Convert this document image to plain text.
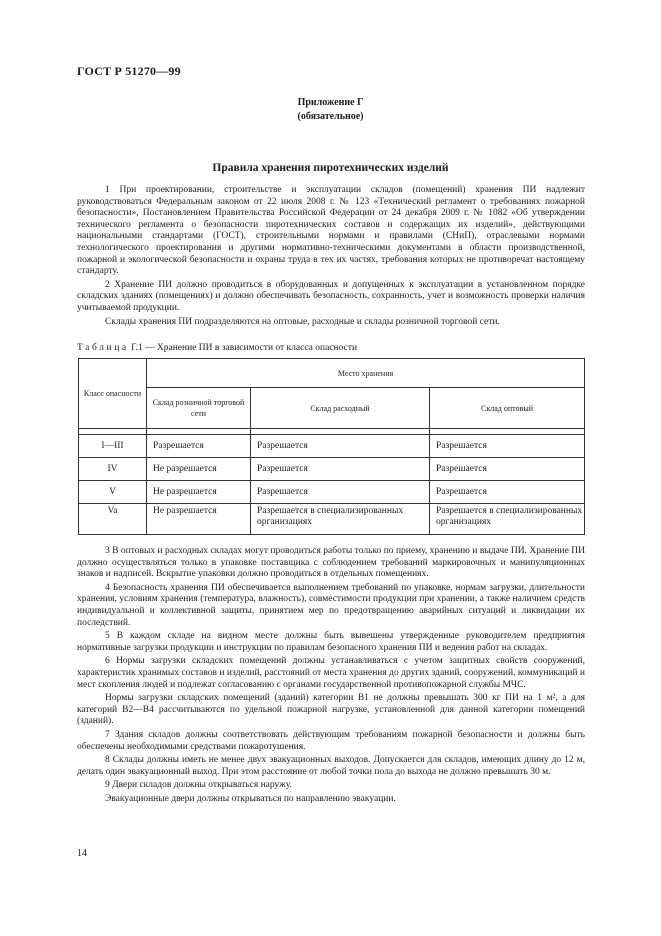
ГОСТ Р 51270—99
Приложение Г
(обязательное)
Правила хранения пиротехнических изделий

1 При проектировании, строительстве и эксплуатации складов (помещений) хранения ПИ надлежит руководствоваться Федеральным законом от 22 июля 2008 г. № 123 «Технический регламент о требованиях пожарной безопасности», Постановлением Правительства Российской Федерации от 24 декабря 2009 г. № 1082 «Об утверждении технического регламента о безопасности пиротехнических составов и содержащих их изделий», действующими национальными стандартами (ГОСТ), строительными нормами и правилами (СНиП), отраслевыми нормами технологического проектирования и другими нормативно-техническими документами в области производственной, пожарной и экологической безопасности и охраны труда в тех их частях, требования которых не противоречат настоящему стандарту.

2 Хранение ПИ должно проводиться в оборудованных и допущенных к эксплуатации в установленном порядке складских зданиях (помещениях) и должно обеспечивать безопасность, сохранность, учет и возможность проверки наличия учитываемой продукции.

Склады хранения ПИ подразделяются на оптовые, расходные и склады розничной торговой сети.

Таблица Г.1 — Хранение ПИ в зависимости от класса опасности
Класс опасности	Место хранения		
	Склад розничной торговой сети	Склад расходный	Склад оптовый

I—III	Разрешается	Разрешается	Разрешается
IV	Не разрешается	Разрешается	Разрешается
V	Не разрешается	Разрешается	Разрешается
Va	Не разрешается	Разрешается в специализированных организациях	Разрешается в специализированных организациях

3 В оптовых и расходных складах могут проводиться работы только по приему, хранению и выдаче ПИ. Хранение ПИ должно осуществляться только в упаковке поставщика с соблюдением требований маркировочных и манипуляционных знаков и надписей. Вскрытие упаковки должно проводиться в отдельных помещениях.

4 Безопасность хранения ПИ обеспечивается выполнением требований по упаковке, нормам загрузки, длительности хранения, условиям хранения (температура, влажность), совместимости продукции при хранении, а также наличием средств индивидуальной и коллективной защиты, принятием мер по предотвращению аварийных ситуаций и ликвидации их последствий.

5 В каждом складе на видном месте должны быть вывешены утвержденные руководителем предприятия нормативные загрузки продукции и инструкции по правилам безопасного хранения ПИ и ведения работ на складах.

6 Нормы загрузки складских помещений должны устанавливаться с учетом защитных свойств сооружений, характеристик хранимых составов и изделий, расстояний от места хранения до других зданий, сооружений, коммуникаций и мест скопления людей и подлежат согласованию с органами государственной противопожарной службы МЧС.

Нормы загрузки складских помещений (зданий) категории В1 не должны превышать 300 кг ПИ на 1 м², а для категорий В2—В4 рассчитываются по удельной пожарной нагрузке, установленной для данной категории помещений (зданий).

7 Здания складов должны соответствовать действующим требованиям пожарной безопасности и должны быть обеспечены необходимыми средствами пожаротушения.

8 Склады должны иметь не менее двух эвакуационных выходов. Допускается для складов, имеющих длину до 12 м, делать один эвакуационный выход. При этом расстояние от любой точки пола до выхода не должно превышать 30 м.

9 Двери складов должны открываться наружу.

Эвакуационные двери должны открываться по направлению эвакуации.

14
